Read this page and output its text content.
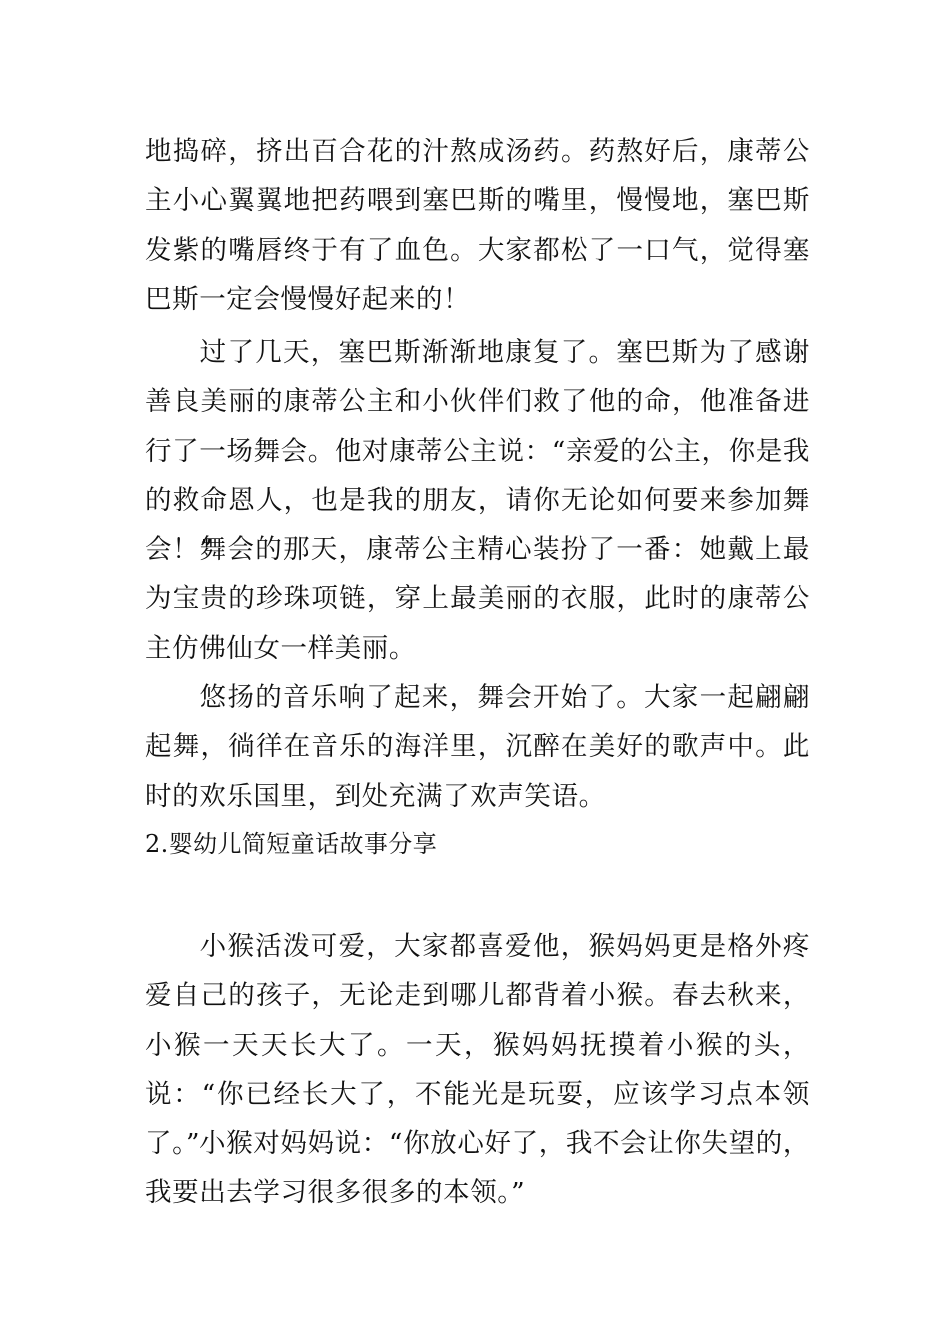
地捣碎，挤出百合花的汁熬成汤药。药熬好后，康蒂公主小心翼翼地把药喂到塞巴斯的嘴里，慢慢地，塞巴斯发紫的嘴唇终于有了血色。大家都松了一口气，觉得塞巴斯一定会慢慢好起来的！

过了几天，塞巴斯渐渐地康复了。塞巴斯为了感谢善良美丽的康蒂公主和小伙伴们救了他的命，他准备进行了一场舞会。他对康蒂公主说：“亲爱的公主，你是我的救命恩人，也是我的朋友，请你无论如何要来参加舞会！”

舞会的那天，康蒂公主精心装扮了一番：她戴上最为宝贵的珍珠项链，穿上最美丽的衣服，此时的康蒂公主仿佛仙女一样美丽。

悠扬的音乐响了起来，舞会开始了。大家一起翩翩起舞，徜徉在音乐的海洋里，沉醉在美好的歌声中。此时的欢乐国里，到处充满了欢声笑语。

2.婴幼儿简短童话故事分享

小猴活泼可爱，大家都喜爱他，猴妈妈更是格外疼爱自己的孩子，无论走到哪儿都背着小猴。春去秋来，小猴一天天长大了。一天，猴妈妈抚摸着小猴的头，说：“你已经长大了，不能光是玩耍，应该学习点本领了。”

小猴对妈妈说：“你放心好了，我不会让你失望的，我要出去学习很多很多的本领。”
